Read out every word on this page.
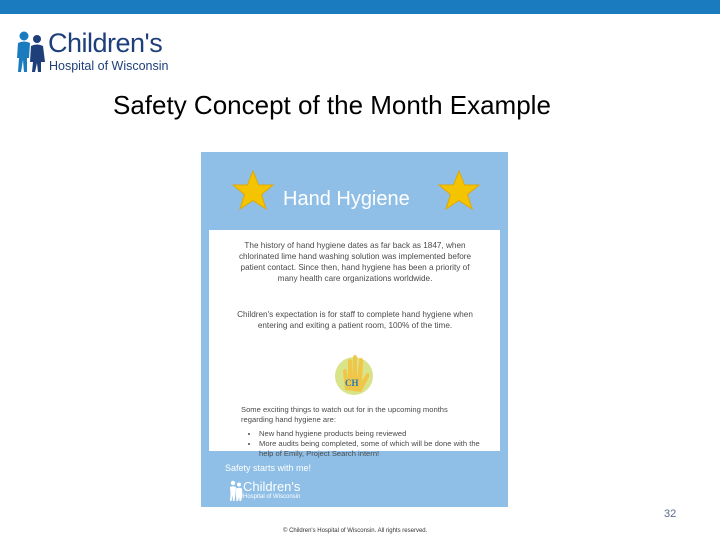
Children's
Hospital of Wisconsin
Safety Concept of the Month Example
Hand Hygiene
The history of hand hygiene dates as far back as 1847, when chlorinated lime hand washing solution was implemented before patient contact. Since then, hand hygiene has been a priority of many health care organizations worldwide.
Children's expectation is for staff to complete hand hygiene when entering and exiting a patient room, 100% of the time.
CH
Some exciting things to watch out for in the upcoming months regarding hand hygiene are:
• New hand hygiene products being reviewed
• More audits being completed, some of which will be done with the help of Emily, Project Search intern!
Safety starts with me!
Children's
Hospital of Wisconsin
© Children's Hospital of Wisconsin. All rights reserved.
32
